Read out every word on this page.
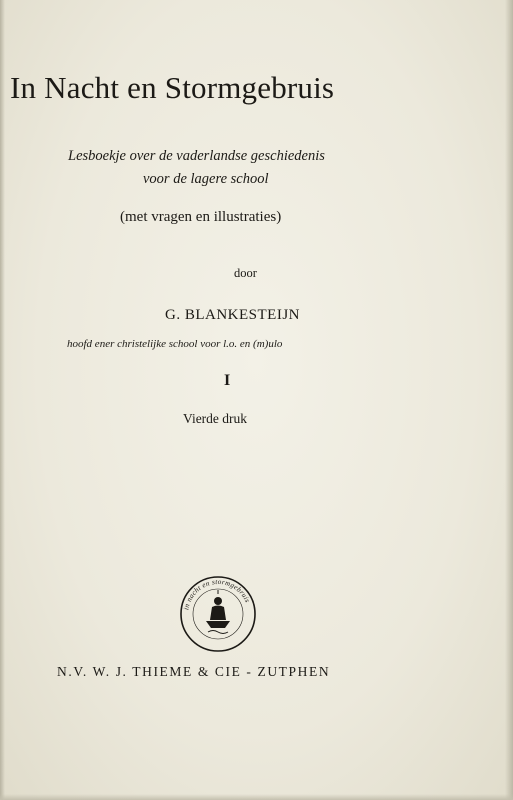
In Nacht en Stormgebruis
Lesboekje over de vaderlandse geschiedenis
voor de lagere school
(met vragen en illustraties)
door
G. BLANKESTEIJN
hoofd ener christelijke school voor l.o. en (m)ulo
I
Vierde druk
in nacht en stormgebruis
N.V. W. J. THIEME & CIE - ZUTPHEN
